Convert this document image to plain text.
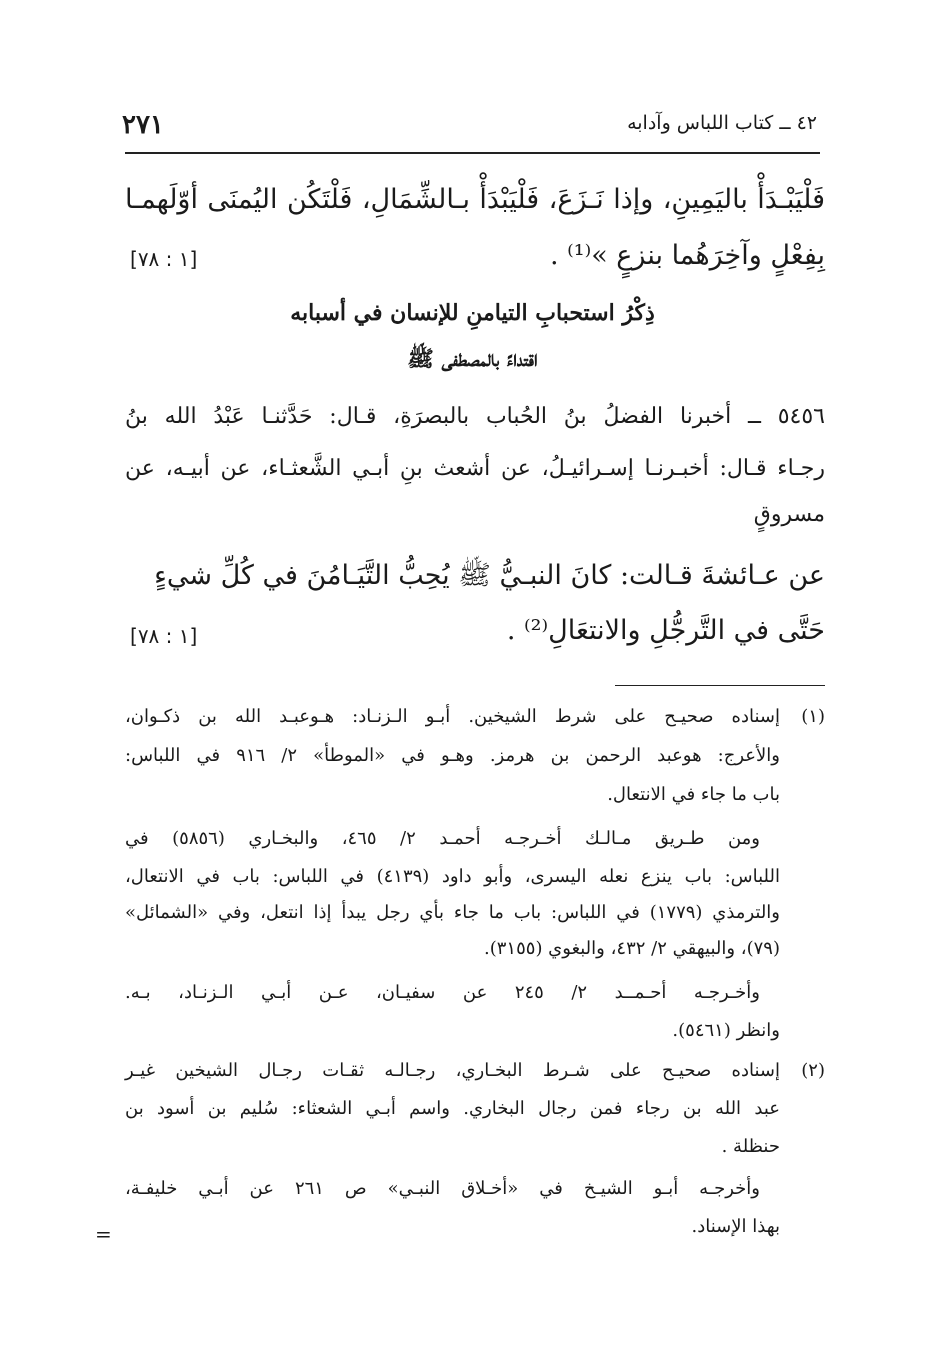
٤٢ ــ كتاب اللباس وآدابه
٢٧١
فَلْيَبْـدَأْ باليَمِينِ، وإذا نَـزَعَ، فَلْيَبْدَأْ بـالشِّمَالِ، فَلْتَكُن اليُمنَى أوّلَهمـا
بِفِعْلٍ وآخِرَهُما بنزعٍ »⁽¹⁾ .
[١ : ٧٨]
ذِكْرُ استحبابِ التيامنِ للإنسان في أسبابه
اقتداءً بالمصطفى ﷺ
٥٤٥٦ ــ أخبرنا الفضلُ بنُ الحُباب بالبصرَةِ، قـال: حَدَّثنـا عَبْدُ الله بنُ
رجـاء قـال: أخبـرنـا إسـرائيـلُ، عن أشعث بنِ أبـي الشَّعثـاء، عن أبيـه، عن
مسروقٍ
عن عـائشةَ قـالت: كانَ النبـيُّ ﷺ يُحِبُّ التَّيَـامُنَ في كُلِّ شيءٍ
حَتَّى في التَّرجُّلِ والانتعَالِ⁽²⁾ .
[١ : ٧٨]
(١)
إسناده صحيـح على شرط الشيخين. أبـو الـزنـاد: هـوعبـد الله بن ذكـوان،
والأعرج: هوعبد الرحمن بن هرمز. وهـو في «الموطأ» ٢/ ٩١٦ في اللباس:
باب ما جاء في الانتعال.
ومن طـريق مـالـك أخـرجـه أحمـد ٢/ ٤٦٥، والبخـاري (٥٨٥٦) في
اللباس: باب ينزع نعله اليسرى، وأبو داود (٤١٣٩) في اللباس: باب في الانتعال،
والترمذي (١٧٧٩) في اللباس: باب ما جاء بأي رجل يبدأ إذا انتعل، وفي «الشمائل»
(٧٩)، والبيهقي ٢/ ٤٣٢، والبغوي (٣١٥٥).
وأخـرجـه أحـمــد ٢/ ٢٤٥ عن سفيـان، عـن أبـي الـزنـاد، بـه.
وانظر (٥٤٦١).
(٢)
إسناده صحيـح على شـرط البخـاري، رجـالـه ثقـات رجـال الشيخين غيـر
عبد الله بن رجاء فمن رجال البخاري. واسم أبـي الشعثاء: سُليم بن أسود بن
حنظلة .
وأخرجـه أبـو الشيـخ في «أخـلاق النبـي» ص ٢٦١ عن أبـي خليفـة،
بهذا الإسناد.
=
